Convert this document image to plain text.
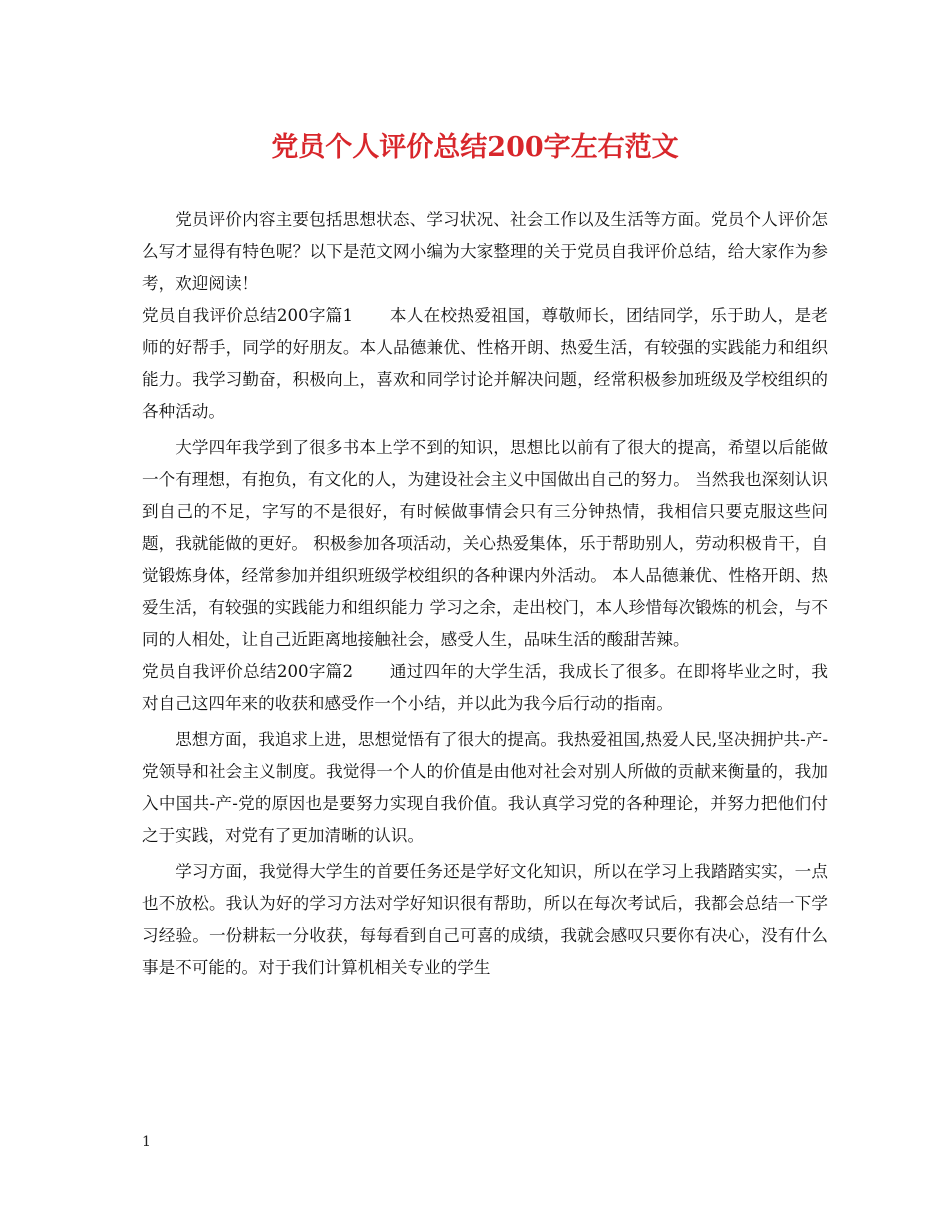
党员个人评价总结200字左右范文

党员评价内容主要包括思想状态、学习状况、社会工作以及生活等方面。党员个人评价怎么写才显得有特色呢？以下是范文网小编为大家整理的关于党员自我评价总结，给大家作为参考，欢迎阅读！

党员自我评价总结200字篇1 本人在校热爱祖国，尊敬师长，团结同学，乐于助人，是老师的好帮手，同学的好朋友。本人品德兼优、性格开朗、热爱生活，有较强的实践能力和组织能力。我学习勤奋，积极向上，喜欢和同学讨论并解决问题，经常积极参加班级及学校组织的各种活动。

大学四年我学到了很多书本上学不到的知识，思想比以前有了很大的提高，希望以后能做一个有理想，有抱负，有文化的人，为建设社会主义中国做出自己的努力。 当然我也深刻认识到自己的不足，字写的不是很好，有时候做事情会只有三分钟热情，我相信只要克服这些问题，我就能做的更好。 积极参加各项活动，关心热爱集体，乐于帮助别人，劳动积极肯干，自觉锻炼身体，经常参加并组织班级学校组织的各种课内外活动。 本人品德兼优、性格开朗、热爱生活，有较强的实践能力和组织能力 学习之余，走出校门，本人珍惜每次锻炼的机会，与不同的人相处，让自己近距离地接触社会，感受人生，品味生活的酸甜苦辣。

党员自我评价总结200字篇2 通过四年的大学生活，我成长了很多。在即将毕业之时，我对自己这四年来的收获和感受作一个小结，并以此为我今后行动的指南。

思想方面，我追求上进，思想觉悟有了很大的提高。我热爱祖国,热爱人民,坚决拥护共-产-党领导和社会主义制度。我觉得一个人的价值是由他对社会对别人所做的贡献来衡量的，我加入中国共-产-党的原因也是要努力实现自我价值。我认真学习党的各种理论，并努力把他们付之于实践，对党有了更加清晰的认识。

学习方面，我觉得大学生的首要任务还是学好文化知识，所以在学习上我踏踏实实，一点也不放松。我认为好的学习方法对学好知识很有帮助，所以在每次考试后，我都会总结一下学习经验。一份耕耘一分收获，每每看到自己可喜的成绩，我就会感叹只要你有决心，没有什么事是不可能的。对于我们计算机相关专业的学生

1
